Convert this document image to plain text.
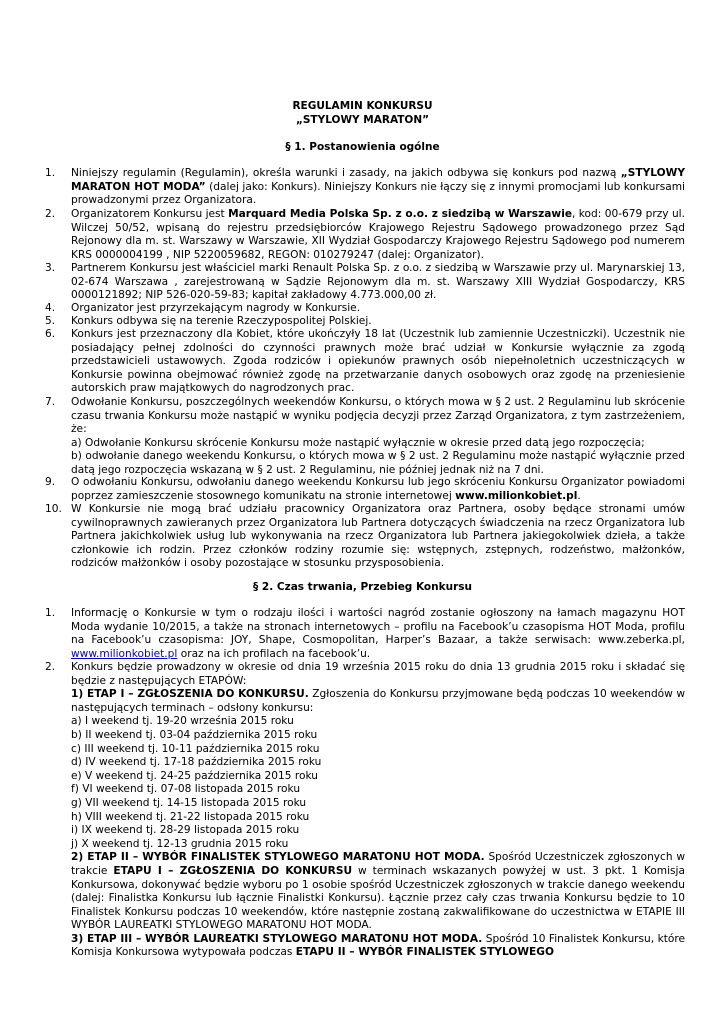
REGULAMIN KONKURSU
„STYLOWY MARATON”
§ 1. Postanowienia ogólne
1.	Niniejszy regulamin (Regulamin), określa warunki i zasady, na jakich odbywa się konkurs pod nazwą „STYLOWY MARATON HOT MODA” (dalej jako: Konkurs). Niniejszy Konkurs nie łączy się z innymi promocjami lub konkursami prowadzonymi przez Organizatora.
2.	Organizatorem Konkursu jest Marquard Media Polska Sp. z o.o. z siedzibą w Warszawie, kod: 00-679 przy ul. Wilczej 50/52, wpisaną do rejestru przedsiębiorców Krajowego Rejestru Sądowego prowadzonego przez Sąd Rejonowy dla m. st. Warszawy w Warszawie, XII Wydział Gospodarczy Krajowego Rejestru Sądowego pod numerem KRS 0000004199 , NIP 5220059682, REGON: 010279247 (dalej: Organizator).
3.	Partnerem Konkursu jest właściciel marki Renault Polska Sp. z o.o. z siedzibą w Warszawie przy ul. Marynarskiej 13, 02-674 Warszawa , zarejestrowaną w Sądzie Rejonowym dla m. st. Warszawy XIII Wydział Gospodarczy, KRS 0000121892; NIP 526-020-59-83; kapitał zakładowy 4.773.000,00 zł.
4.	Organizator jest przyrzekającym nagrody w Konkursie.
5.	Konkurs odbywa się na terenie Rzeczypospolitej Polskiej.
6.	Konkurs jest przeznaczony dla Kobiet, które ukończyły 18 lat (Uczestnik lub zamiennie Uczestniczki). Uczestnik nie posiadający pełnej zdolności do czynności prawnych może brać udział w Konkursie wyłącznie za zgodą przedstawicieli ustawowych. Zgoda rodziców i opiekunów prawnych osób niepełnoletnich uczestniczących w Konkursie powinna obejmować również zgodę na przetwarzanie danych osobowych oraz zgodę na przeniesienie autorskich praw majątkowych do nagrodzonych prac.
7.	Odwołanie Konkursu, poszczególnych weekendów Konkursu, o których mowa w § 2 ust. 2 Regulaminu lub skrócenie czasu trwania Konkursu może nastąpić w wyniku podjęcia decyzji przez Zarząd Organizatora, z tym zastrzeżeniem, że:
a) Odwołanie Konkursu skrócenie Konkursu może nastąpić wyłącznie w okresie przed datą jego rozpoczęcia;
b) odwołanie danego weekendu Konkursu, o których mowa w § 2 ust. 2 Regulaminu może nastąpić wyłącznie przed datą jego rozpoczęcia wskazaną w § 2 ust. 2 Regulaminu, nie później jednak niż na 7 dni.
9.	O odwołaniu Konkursu, odwołaniu danego weekendu Konkursu lub jego skróceniu Konkursu Organizator powiadomi poprzez zamieszczenie stosownego komunikatu na stronie internetowej www.milionkobiet.pl.
10. W Konkursie nie mogą brać udziału pracownicy Organizatora oraz Partnera, osoby będące stronami umów cywilnoprawnych zawieranych przez Organizatora lub Partnera dotyczących świadczenia na rzecz Organizatora lub Partnera jakichkolwiek usług lub wykonywania na rzecz Organizatora lub Partnera jakiegokolwiek dzieła, a także członkowie ich rodzin. Przez członków rodziny rozumie się: wstępnych, zstępnych, rodzeństwo, małżonków, rodziców małżonków i osoby pozostające w stosunku przysposobienia.
§ 2. Czas trwania, Przebieg Konkursu
1.	Informację o Konkursie w tym o rodzaju ilości i wartości nagród zostanie ogłoszony na łamach magazynu HOT Moda wydanie 10/2015, a także na stronach internetowych – profilu na Facebook’u czasopisma HOT Moda, profilu na Facebook’u czasopisma: JOY, Shape, Cosmopolitan, Harper’s Bazaar, a także serwisach: www.zeberka.pl, www.milionkobiet.pl oraz na ich profilach na facebook’u.
2.	Konkurs będzie prowadzony w okresie od dnia 19 września 2015 roku do dnia 13 grudnia 2015 roku i składać się będzie z następujących ETAPÓW:
1) ETAP I – ZGŁOSZENIA DO KONKURSU. Zgłoszenia do Konkursu przyjmowane będą podczas 10 weekendów w następujących terminach – odsłony konkursu:
a) I weekend tj. 19-20 września 2015 roku
b) II weekend tj. 03-04 października 2015 roku
c) III weekend tj. 10-11 października 2015 roku
d) IV weekend tj. 17-18 października 2015 roku
e) V weekend tj. 24-25 października 2015 roku
f) VI weekend tj. 07-08 listopada 2015 roku
g) VII weekend tj. 14-15 listopada 2015 roku
h) VIII weekend tj. 21-22 listopada 2015 roku
i) IX weekend tj. 28-29 listopada 2015 roku
j) X weekend tj. 12-13 grudnia 2015 roku
2) ETAP II – WYBÓR FINALISTEK STYLOWEGO MARATONU HOT MODA. Spośród Uczestniczek zgłoszonych w trakcie ETAPU I – ZGŁOSZENIA DO KONKURSU w terminach wskazanych powyżej w ust. 3 pkt. 1 Komisja Konkursowa, dokonywać będzie wyboru po 1 osobie spośród Uczestniczek zgłoszonych w trakcie danego weekendu (dalej: Finalistka Konkursu lub łącznie Finalistki Konkursu). Łącznie przez cały czas trwania Konkursu będzie to 10 Finalistek Konkursu podczas 10 weekendów, które następnie zostaną zakwalifikowane do uczestnictwa w ETAPIE III WYBÓR LAUREATKI STYLOWEGO MARATONU HOT MODA.
3) ETAP III – WYBÓR LAUREATKI STYLOWEGO MARATONU HOT MODA. Spośród 10 Finalistek Konkursu, które Komisja Konkursowa wytypowała podczas ETAPU II – WYBÓR FINALISTEK STYLOWEGO
